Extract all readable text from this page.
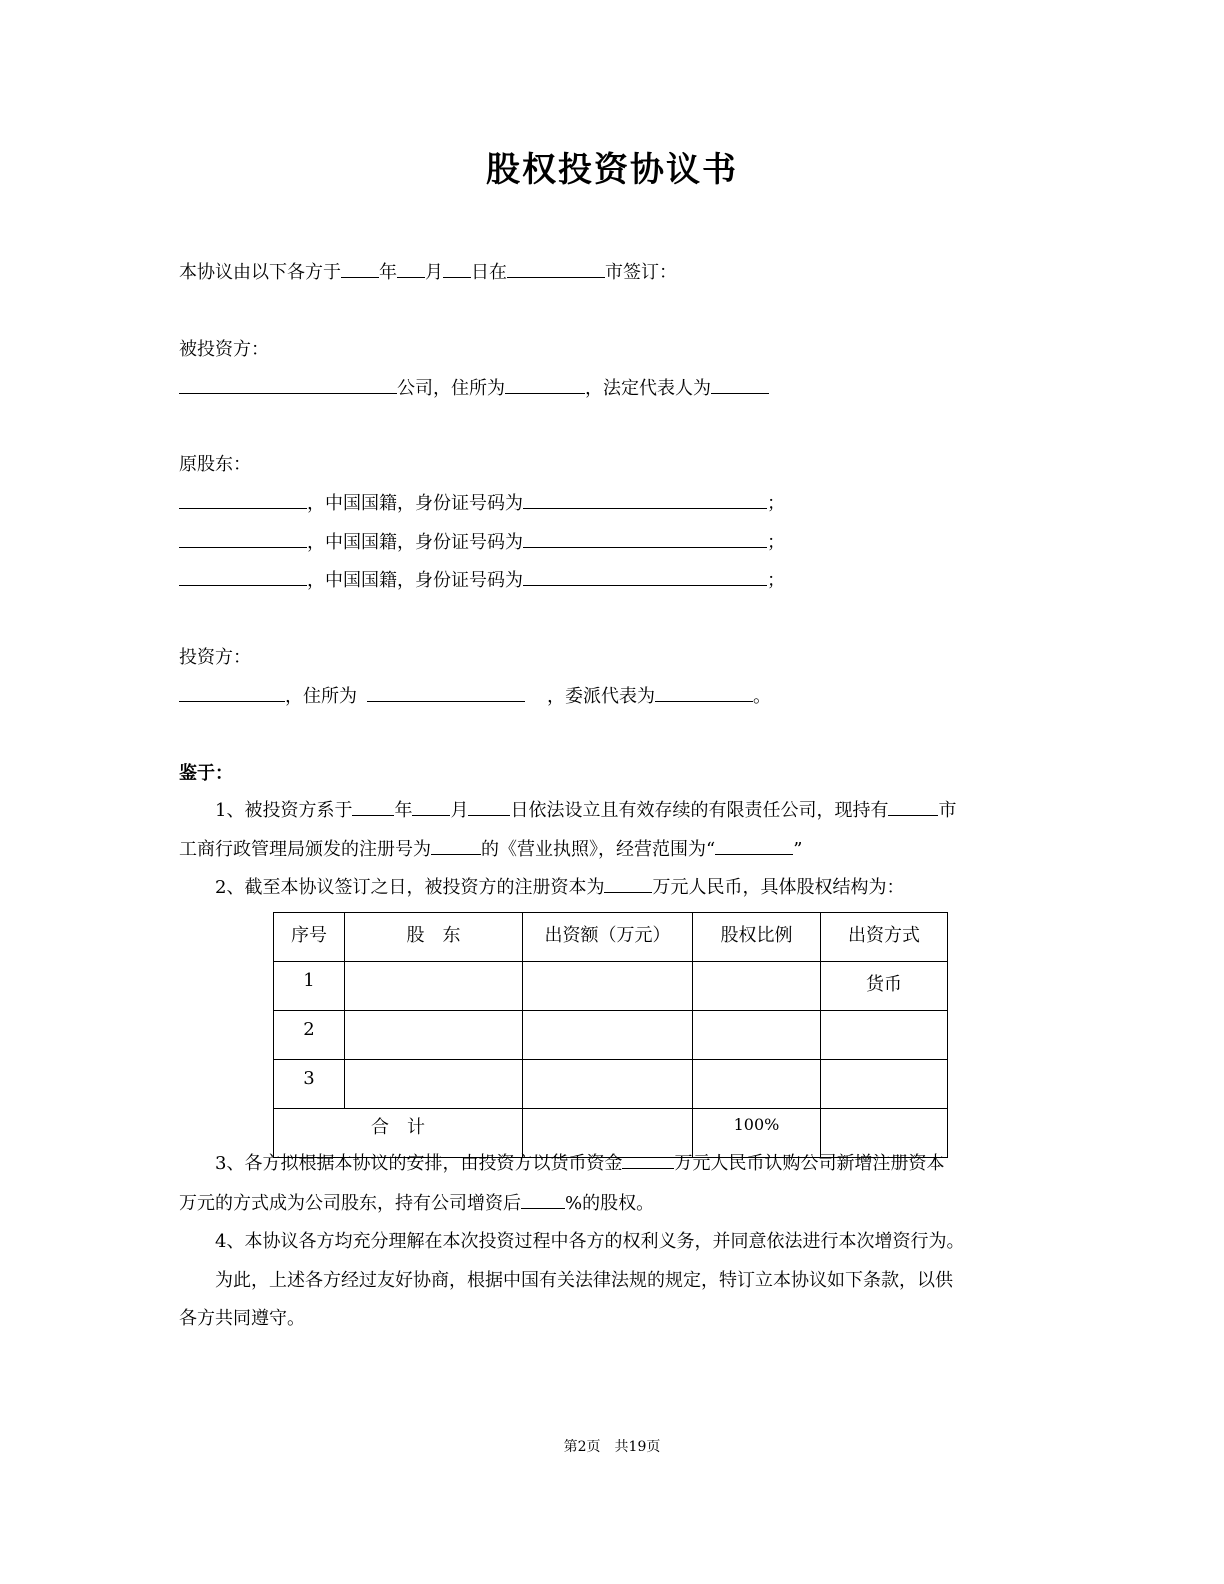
股权投资协议书
本协议由以下各方于 年 月 日在	市签订：
被投资方：
公司，住所为	，法定代表人为
原股东：
，中国国籍，身份证号码为	；
，中国国籍，身份证号码为	；
，中国国籍，身份证号码为	；
投资方：
，住所为	，委派代表为	。
鉴于：
1、被投资方系于 年 月 日依法设立且有效存续的有限责任公司，现持有	市
工商行政管理局颁发的注册号为	的《营业执照》，经营范围为“	”
2、截至本协议签订之日，被投资方的注册资本为	万元人民币，具体股权结构为：
序号	股　东	出资额（万元）	股权比例	出资方式
1				货币
2				
3				
合　计			100%	
3、各方拟根据本协议的安排，由投资方以货币资金	万元人民币认购公司新增注册资本
万元的方式成为公司股东，持有公司增资后 %的股权。
4、本协议各方均充分理解在本次投资过程中各方的权利义务，并同意依法进行本次增资行为。
为此，上述各方经过友好协商，根据中国有关法律法规的规定，特订立本协议如下条款，以供
各方共同遵守。
第2页　共19页
